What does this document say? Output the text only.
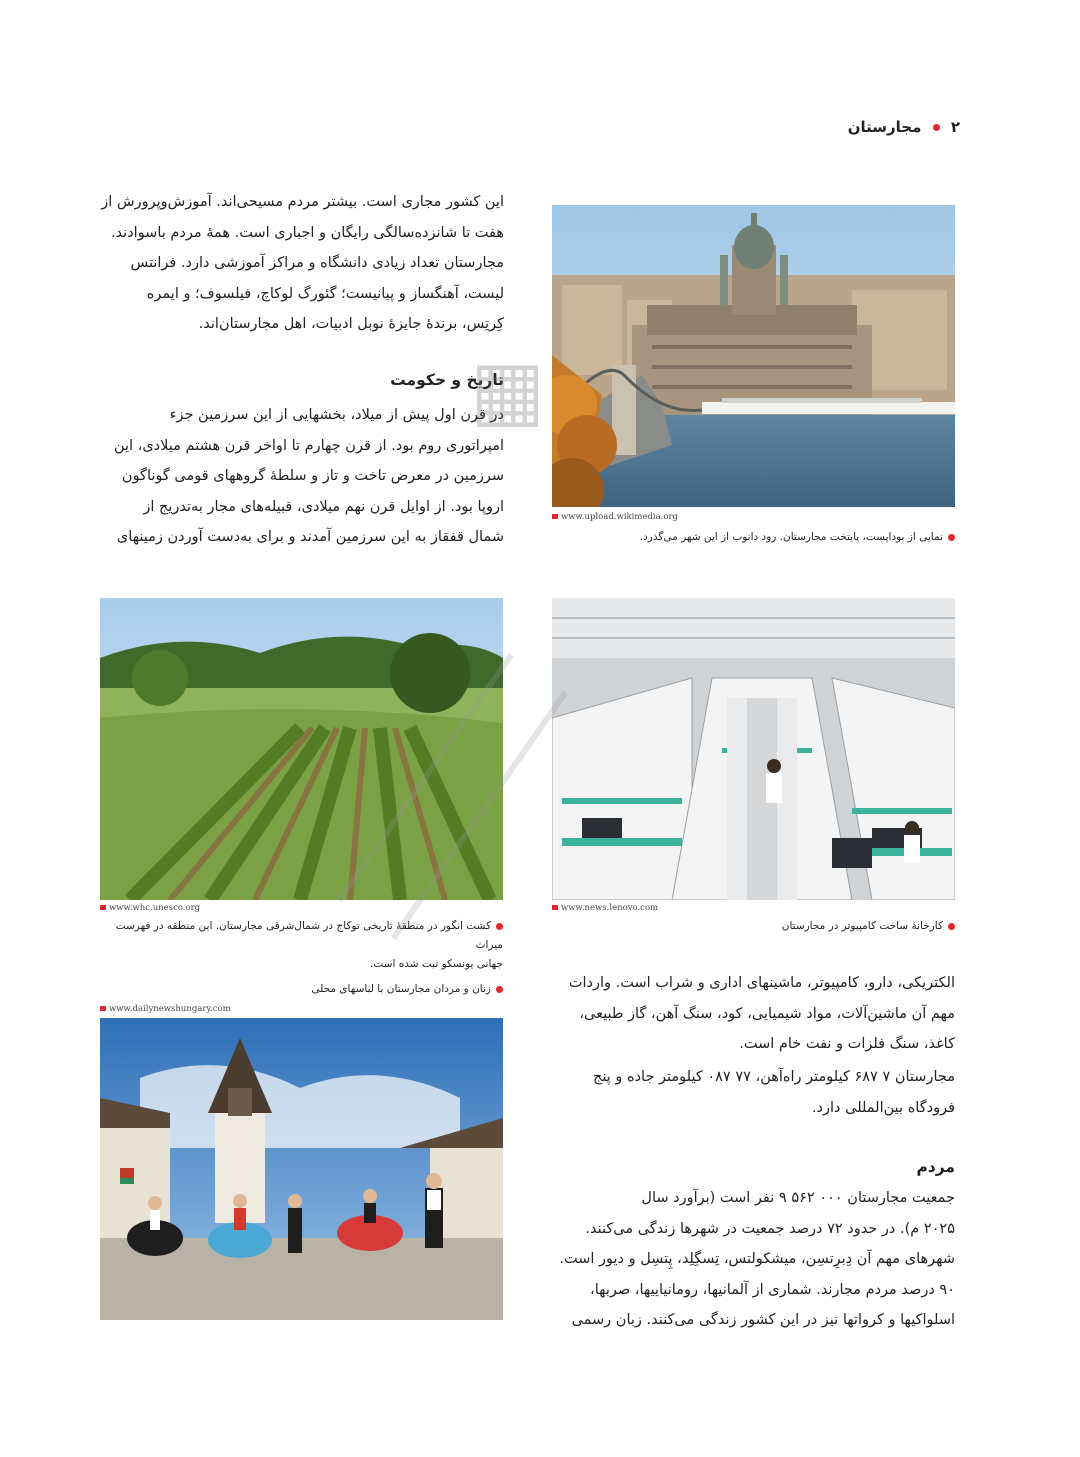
۲  مجارستان
این کشور مجاری است. بیشتر مردم مسیحی‌اند. آموزش‌وپرورش از
هفت تا شانزده‌سالگی رایگان و اجباری است. همهٔ مردم باسوادند.
مجارستان تعداد زیادی دانشگاه و مراکز آموزشی دارد. فرانتس
لیست، آهنگساز و پیانیست؛ گئورگ لوکاچ، فیلسوف؛ و ایمره
کِرتِس، برندهٔ جایزهٔ نوبل ادبیات، اهل مجارستان‌اند.
تاریخ و حکومت
در قرن اول پیش از میلاد، بخشهایی از این سرزمین جزء
امپراتوری روم بود. از قرن چهارم تا اواخر قرن هشتم میلادی، این
سرزمین در معرض تاخت و تاز و سلطهٔ گروههای قومی گوناگون
اروپا بود. از اوایل قرن نهم میلادی، قبیله‌های مجار به‌تدریج از
شمال قفقاز به این سرزمین آمدند و برای به‌دست آوردن زمینهای
www.upload.wikimedia.org
نمایی از بوداپست، پایتخت مجارستان. رود دانوب از این شهر می‌گذرد.
www.whc.unesco.org
کشت انگور در منطقهٔ تاریخی توکاج در شمال‌شرقی مجارستان. این منطقه در فهرست میراث
جهانی یونسکو ثبت شده است.
www.news.lenovo.com
کارخانهٔ ساخت کامپیوتر در مجارستان
زنان و مردان مجارستان با لباسهای محلی
www.dailynewshungary.com
الکتریکی، دارو، کامپیوتر، ماشینهای اداری و شراب است. واردات
مهم آن ماشین‌آلات، مواد شیمیایی، کود، سنگ آهن، گاز طبیعی،
کاغذ، سنگ فلزات و نفت خام است.
مجارستان ۷ ۶۸۷ کیلومتر راه‌آهن، ۷۷ ۰۸۷ کیلومتر جاده و پنج
فرودگاه بین‌المللی دارد.
مردم
جمعیت مجارستان ۰۰۰ ۵۶۲ ۹ نفر است (برآورد سال
۲۰۲۵ م). در حدود ۷۲ درصد جمعیت در شهرها زندگی می‌کنند.
شهرهای مهم آن دِبرِتسِن، میشکولتس، تِسگِلِد، پِتسِل و دیور است.
۹۰ درصد مردم مجارند. شماری از آلمانیها، رومانیاییها، صربها،
اسلواکیها و کرواتها نیز در این کشور زندگی می‌کنند. زبان رسمی
▦
